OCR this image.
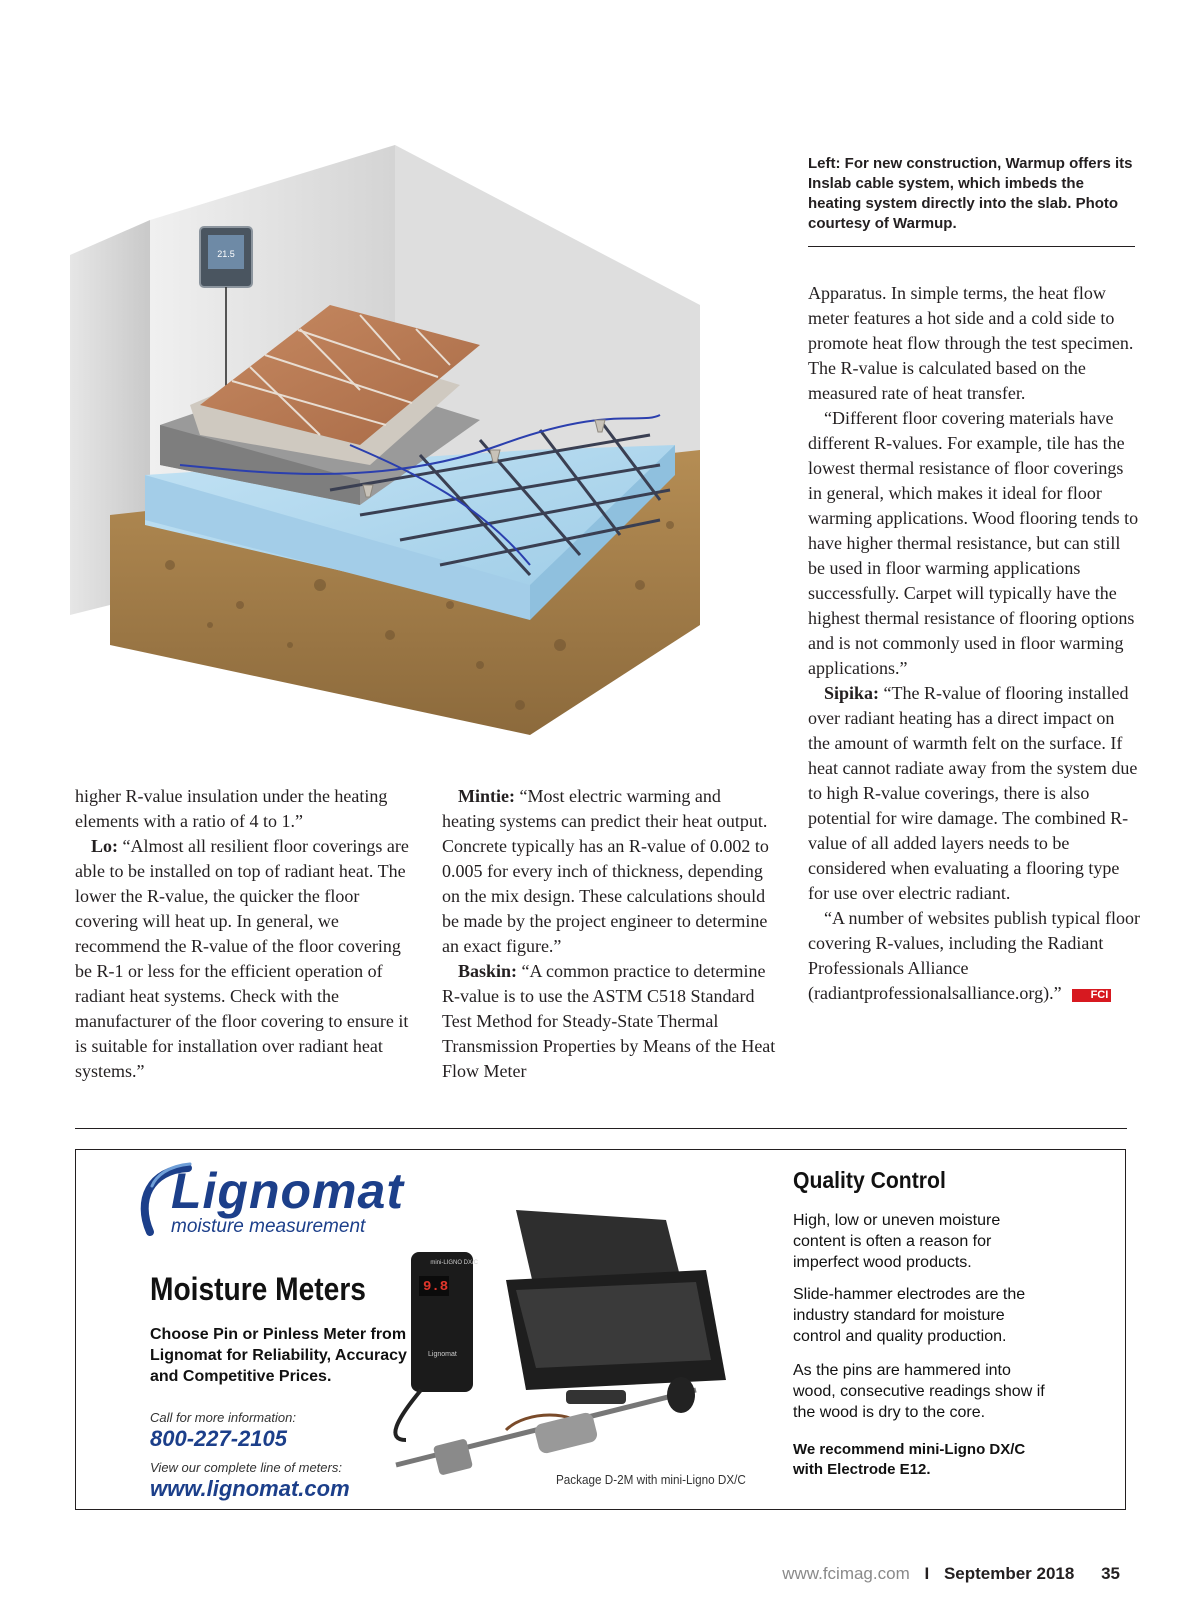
21.5
Left: For new construction, Warmup offers its Inslab cable system, which imbeds the heating system directly into the slab. Photo courtesy of Warmup.

Apparatus. In simple terms, the heat flow meter features a hot side and a cold side to promote heat flow through the test specimen. The R-value is calculated based on the measured rate of heat transfer.

“Different floor covering materials have different R-values. For example, tile has the lowest thermal resistance of floor coverings in general, which makes it ideal for floor warming applications. Wood flooring tends to have higher thermal resistance, but can still be used in floor warming applications successfully. Carpet will typically have the highest thermal resistance of flooring options and is not commonly used in floor warming applications.”

Sipika: “The R-value of flooring installed over radiant heating has a direct impact on the amount of warmth felt on the surface. If heat cannot radiate away from the system due to high R-value coverings, there is also potential for wire damage. The combined R-value of all added layers needs to be considered when evaluating a flooring type for use over electric radiant.

“A number of websites publish typical floor covering R-values, including the Radiant Professionals Alliance (radiantprofessionalsalliance.org).”	FCI

higher R-value insulation under the heating elements with a ratio of 4 to 1.”

Lo: “Almost all resilient floor coverings are able to be installed on top of radiant heat. The lower the R-value, the quicker the floor covering will heat up. In general, we recommend the R-value of the floor covering be R-1 or less for the efficient operation of radiant heat systems. Check with the manufacturer of the floor covering to ensure it is suitable for installation over radiant heat systems.”

Mintie: “Most electric warming and heating systems can predict their heat output. Concrete typically has an R-value of 0.002 to 0.005 for every inch of thickness, depending on the mix design. These calculations should be made by the project engineer to determine an exact figure.”

Baskin: “A common practice to determine R-value is to use the ASTM C518 Standard Test Method for Steady-State Thermal Transmission Properties by Means of the Heat Flow Meter

Lignomat
moisture measurement
Moisture Meters
Choose Pin or Pinless Meter from Lignomat for Reliability, Accuracy and Competitive Prices.
Call for more information:
800-227-2105
View our complete line of meters:
www.lignomat.com
Lignomat
9.8
mini-LIGNO DX/C
Package D-2M with mini-Ligno DX/C
Quality Control
High, low or uneven moisture content is often a reason for imperfect wood products.
Slide-hammer electrodes are the industry standard for moisture control and quality production.
As the pins are hammered into wood, consecutive readings show if the wood is dry to the core.
We recommend mini-Ligno DX/C with Electrode E12.
www.fcimag.com I September 2018 35
